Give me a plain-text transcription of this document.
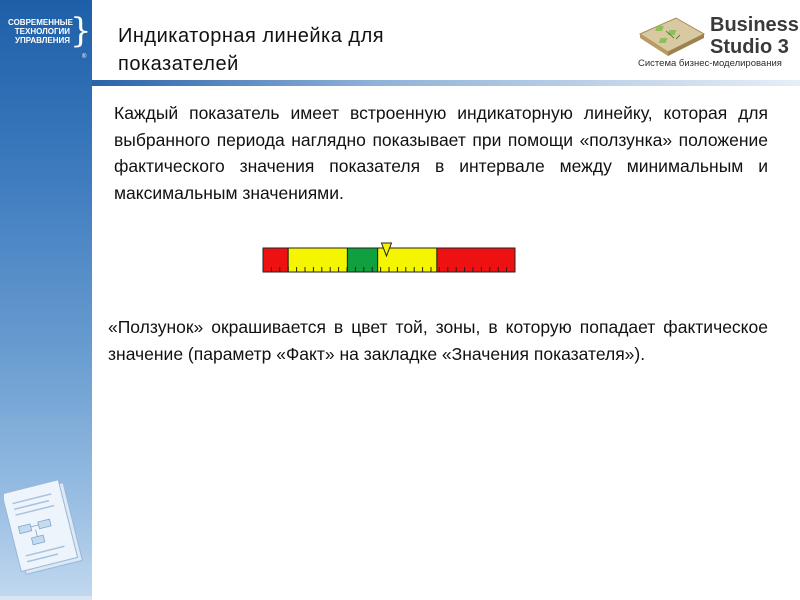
СОВРЕМЕННЫЕ
ТЕХНОЛОГИИ
УПРАВЛЕНИЯ }
®
Индикаторная линейка для
показателей
Business
Studio 3
Система бизнес-моделирования
Каждый показатель имеет встроенную индикаторную линейку, которая для выбранного периода наглядно показывает при помощи «ползунка» положение фактического значения показателя в интервале между минимальным и максимальным значениями.
«Ползунок» окрашивается в цвет той, зоны, в которую попадает фактическое значение (параметр «Факт» на закладке «Значения показателя»).
